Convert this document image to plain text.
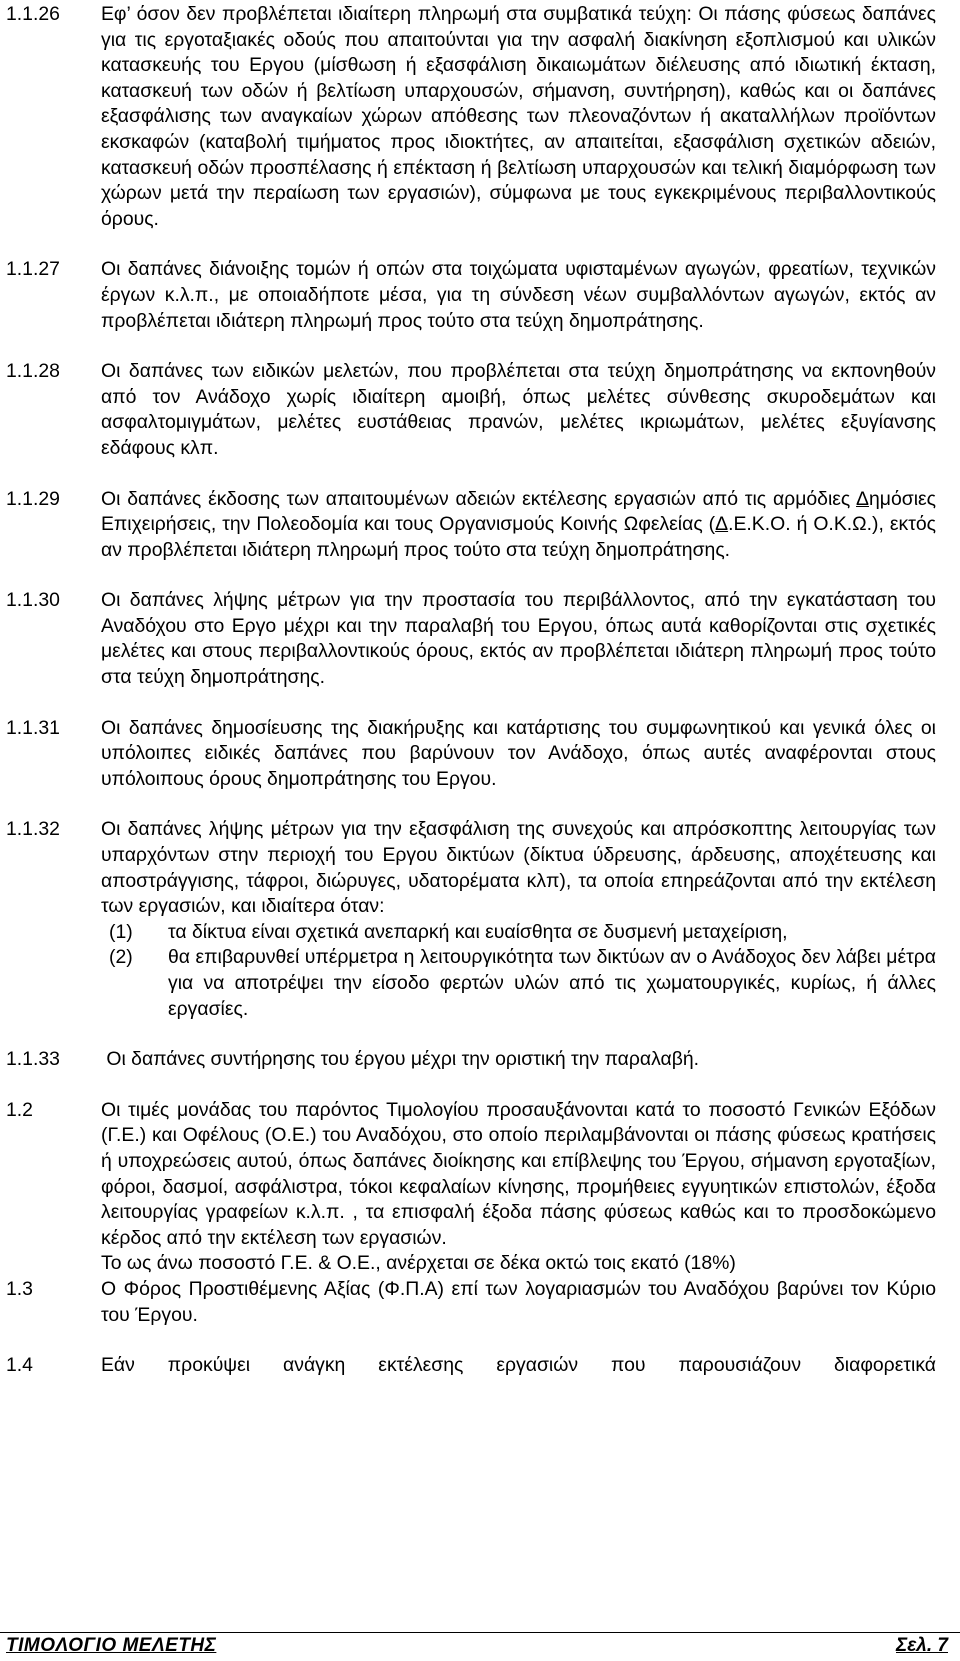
1.1.26	Εφ’ όσον δεν προβλέπεται ιδιαίτερη πληρωμή στα συμβατικά τεύχη: Οι πάσης φύσεως δαπάνες για τις εργοταξιακές οδούς που απαιτούνται για την ασφαλή διακίνηση εξοπλισμού και υλικών κατασκευής του Εργου (μίσθωση ή εξασφάλιση δικαιωμάτων διέλευσης από ιδιωτική έκταση, κατασκευή των οδών ή βελτίωση υπαρχουσών, σήμανση, συντήρηση), καθώς και οι δαπάνες εξασφάλισης των αναγκαίων χώρων απόθεσης των πλεοναζόντων ή ακαταλλήλων προϊόντων εκσκαφών (καταβολή τιμήματος προς ιδιοκτήτες, αν απαιτείται, εξασφάλιση σχετικών αδειών, κατασκευή οδών προσπέλασης ή επέκταση ή βελτίωση υπαρχουσών και τελική διαμόρφωση των χώρων μετά την περαίωση των εργασιών), σύμφωνα με τους εγκεκριμένους περιβαλλοντικούς όρους.

1.1.27	Οι δαπάνες διάνοιξης τομών ή οπών στα τοιχώματα υφισταμένων αγωγών, φρεατίων, τεχνικών έργων κ.λ.π., με οποιαδήποτε μέσα, για τη σύνδεση νέων συμβαλλόντων αγωγών, εκτός αν προβλέπεται ιδιάτερη πληρωμή προς τούτο στα τεύχη δημοπράτησης.

1.1.28	Οι δαπάνες των ειδικών μελετών, που προβλέπεται στα τεύχη δημοπράτησης να εκπονηθούν από τον Ανάδοχο χωρίς ιδιαίτερη αμοιβή, όπως μελέτες σύνθεσης σκυροδεμάτων και ασφαλτομιγμάτων, μελέτες ευστάθειας πρανών, μελέτες ικριωμάτων, μελέτες εξυγίανσης εδάφους κλπ.

1.1.29	Οι δαπάνες έκδοσης των απαιτουμένων αδειών εκτέλεσης εργασιών από τις αρμόδιες Δημόσιες Επιχειρήσεις, την Πολεοδομία και τους Οργανισμούς Κοινής Ωφελείας (Δ.Ε.Κ.Ο. ή Ο.Κ.Ω.), εκτός αν προβλέπεται ιδιάτερη πληρωμή προς τούτο στα τεύχη δημοπράτησης.

1.1.30	Οι δαπάνες λήψης μέτρων για την προστασία του περιβάλλοντος, από την εγκατάσταση του Αναδόχου στο Εργο μέχρι και την παραλαβή του Εργου, όπως αυτά καθορίζονται στις σχετικές μελέτες και στους περιβαλλοντικούς όρους, εκτός αν προβλέπεται ιδιάτερη πληρωμή προς τούτο στα τεύχη δημοπράτησης.

1.1.31	Οι δαπάνες δημοσίευσης της διακήρυξης και κατάρτισης του συμφωνητικού και γενικά όλες οι υπόλοιπες ειδικές δαπάνες που βαρύνουν τον Ανάδοχο, όπως αυτές αναφέρονται στους υπόλοιπους όρους δημοπράτησης του Εργου.

1.1.32	Οι δαπάνες λήψης μέτρων για την εξασφάλιση της συνεχούς και απρόσκοπτης λειτουργίας των υπαρχόντων στην περιοχή του Εργου δικτύων (δίκτυα ύδρευσης, άρδευσης, αποχέτευσης και αποστράγγισης, τάφροι, διώρυγες, υδατορέματα κλπ), τα οποία επηρεάζονται από την εκτέλεση των εργασιών, και ιδιαίτερα όταν:

(1)	τα δίκτυα είναι σχετικά ανεπαρκή και ευαίσθητα σε δυσμενή μεταχείριση,
(2)	θα επιβαρυνθεί υπέρμετρα η λειτουργικότητα των δικτύων αν ο Ανάδοχος δεν λάβει μέτρα για να αποτρέψει την είσοδο φερτών υλών από τις χωματουργικές, κυρίως, ή άλλες εργασίες.
1.1.33	Οι δαπάνες συντήρησης του έργου μέχρι την οριστική την παραλαβή.

1.2	Οι τιμές μονάδας του παρόντος Τιμολογίου προσαυξάνονται κατά το ποσοστό Γενικών Εξόδων (Γ.Ε.) και Οφέλους (Ο.Ε.) του Αναδόχου, στο οποίο περιλαμβάνονται οι πάσης φύσεως κρατήσεις ή υποχρεώσεις αυτού, όπως δαπάνες διοίκησης και επίβλεψης του Έργου, σήμανση εργοταξίων, φόροι, δασμοί, ασφάλιστρα, τόκοι κεφαλαίων κίνησης, προμήθειες εγγυητικών επιστολών, έξοδα λειτουργίας γραφείων κ.λ.π. , τα επισφαλή έξοδα πάσης φύσεως καθώς και το προσδοκώμενο κέρδος από την εκτέλεση των εργασιών.

Το ως άνω ποσοστό Γ.Ε. & Ο.Ε., ανέρχεται σε δέκα οκτώ τοις εκατό (18%)

1.3	Ο Φόρος Προστιθέμενης Αξίας (Φ.Π.Α) επί των λογαριασμών του Αναδόχου βαρύνει τον Κύριο του Έργου.

1.4	Εάν προκύψει ανάγκη εκτέλεσης εργασιών που παρουσιάζουν διαφορετικά

ΤΙΜΟΛΟΓΙΟ ΜΕΛΕΤΗΣ	Σελ. 7
